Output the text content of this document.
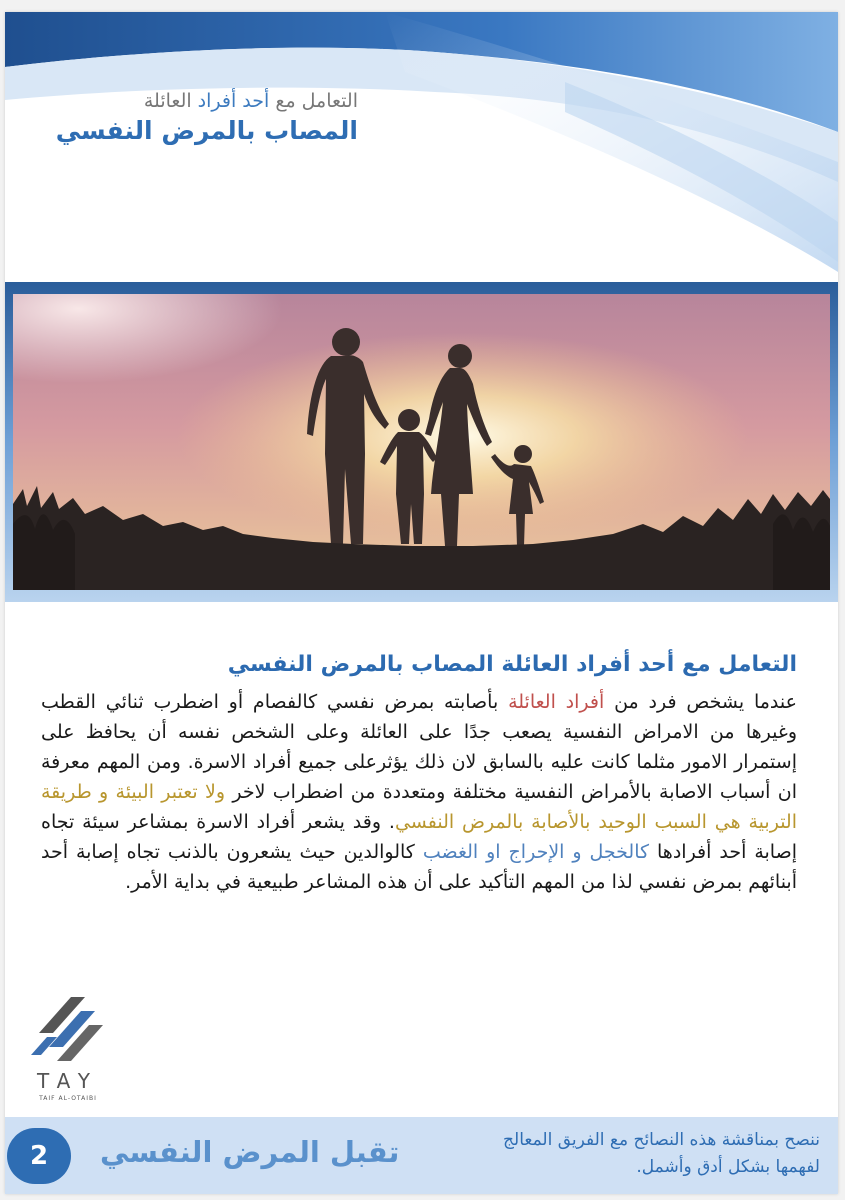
التعامل مع أحد أفراد العائلة
المصاب بالمرض النفسي
التعامل مع أحد أفراد العائلة المصاب بالمرض النفسي
عندما يشخص فرد من أفراد العائلة بأصابته بمرض نفسي كالفصام أو اضطرب ثنائي القطب وغيرها من الامراض النفسية يصعب جدًا على العائلة وعلى الشخص نفسه أن يحافظ على إستمرار الامور مثلما كانت عليه بالسابق لان ذلك يؤثرعلى جميع أفراد الاسرة. ومن المهم معرفة ان أسباب الاصابة بالأمراض النفسية مختلفة ومتعددة من اضطراب لاخر ولا تعتبر البيئة و طريقة التربية هي السبب الوحيد بالأصابة بالمرض النفسي. وقد يشعر أفراد الاسرة بمشاعر سيئة تجاه إصابة أحد أفرادها كالخجل و الإحراج او الغضب كالوالدين حيث يشعرون بالذنب تجاه إصابة أحد أبنائهم بمرض نفسي لذا من المهم التأكيد على أن هذه المشاعر طبيعية في بداية الأمر.
TAY
TAIF AL-OTAIBI
2	تقبل المرض النفسي	ننصح بمناقشة هذه النصائح مع الفريق المعالج لفهمها بشكل أدق وأشمل.
